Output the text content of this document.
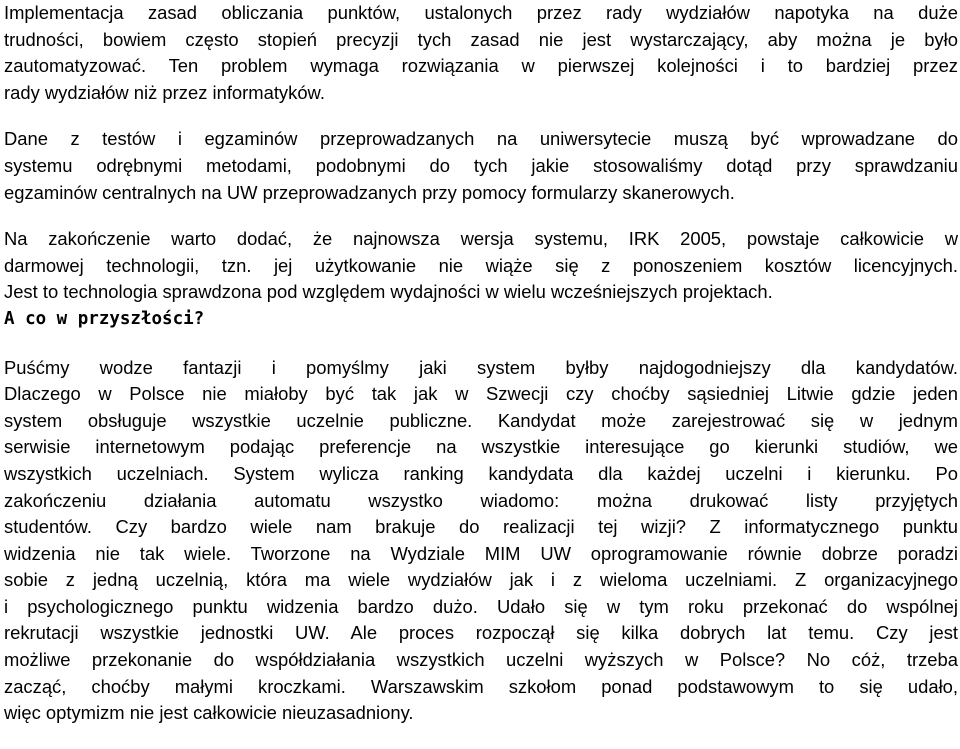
Implementacja zasad obliczania punktów, ustalonych przez rady wydziałów napotyka na duże
trudności, bowiem często stopień precyzji tych zasad nie jest wystarczający, aby można je było
zautomatyzować. Ten problem wymaga rozwiązania w pierwszej kolejności i to bardziej przez
rady wydziałów niż przez informatyków.
Dane z testów i egzaminów przeprowadzanych na uniwersytecie muszą być wprowadzane do
systemu odrębnymi metodami, podobnymi do tych jakie stosowaliśmy dotąd przy sprawdzaniu
egzaminów centralnych na UW przeprowadzanych przy pomocy formularzy skanerowych.
Na zakończenie warto dodać, że najnowsza wersja systemu, IRK 2005, powstaje całkowicie w
darmowej technologii, tzn. jej użytkowanie nie wiąże się z ponoszeniem kosztów licencyjnych.
Jest to technologia sprawdzona pod względem wydajności w wielu wcześniejszych projektach.
A co w przyszłości?
Puśćmy wodze fantazji i pomyślmy jaki system byłby najdogodniejszy dla kandydatów.
Dlaczego w Polsce nie miałoby być tak jak w Szwecji czy choćby sąsiedniej Litwie gdzie jeden
system obsługuje wszystkie uczelnie publiczne. Kandydat może zarejestrować się w jednym
serwisie internetowym podając preferencje na wszystkie interesujące go kierunki studiów, we
wszystkich uczelniach. System wylicza ranking kandydata dla każdej uczelni i kierunku. Po
zakończeniu działania automatu wszystko wiadomo: można drukować listy przyjętych
studentów. Czy bardzo wiele nam brakuje do realizacji tej wizji? Z informatycznego punktu
widzenia nie tak wiele. Tworzone na Wydziale MIM UW oprogramowanie równie dobrze poradzi
sobie z jedną uczelnią, która ma wiele wydziałów jak i z wieloma uczelniami. Z organizacyjnego
i psychologicznego punktu widzenia bardzo dużo. Udało się w tym roku przekonać do wspólnej
rekrutacji wszystkie jednostki UW. Ale proces rozpoczął się kilka dobrych lat temu. Czy jest
możliwe przekonanie do współdziałania wszystkich uczelni wyższych w Polsce? No cóż, trzeba
zacząć, choćby małymi kroczkami. Warszawskim szkołom ponad podstawowym to się udało,
więc optymizm nie jest całkowicie nieuzasadniony.
